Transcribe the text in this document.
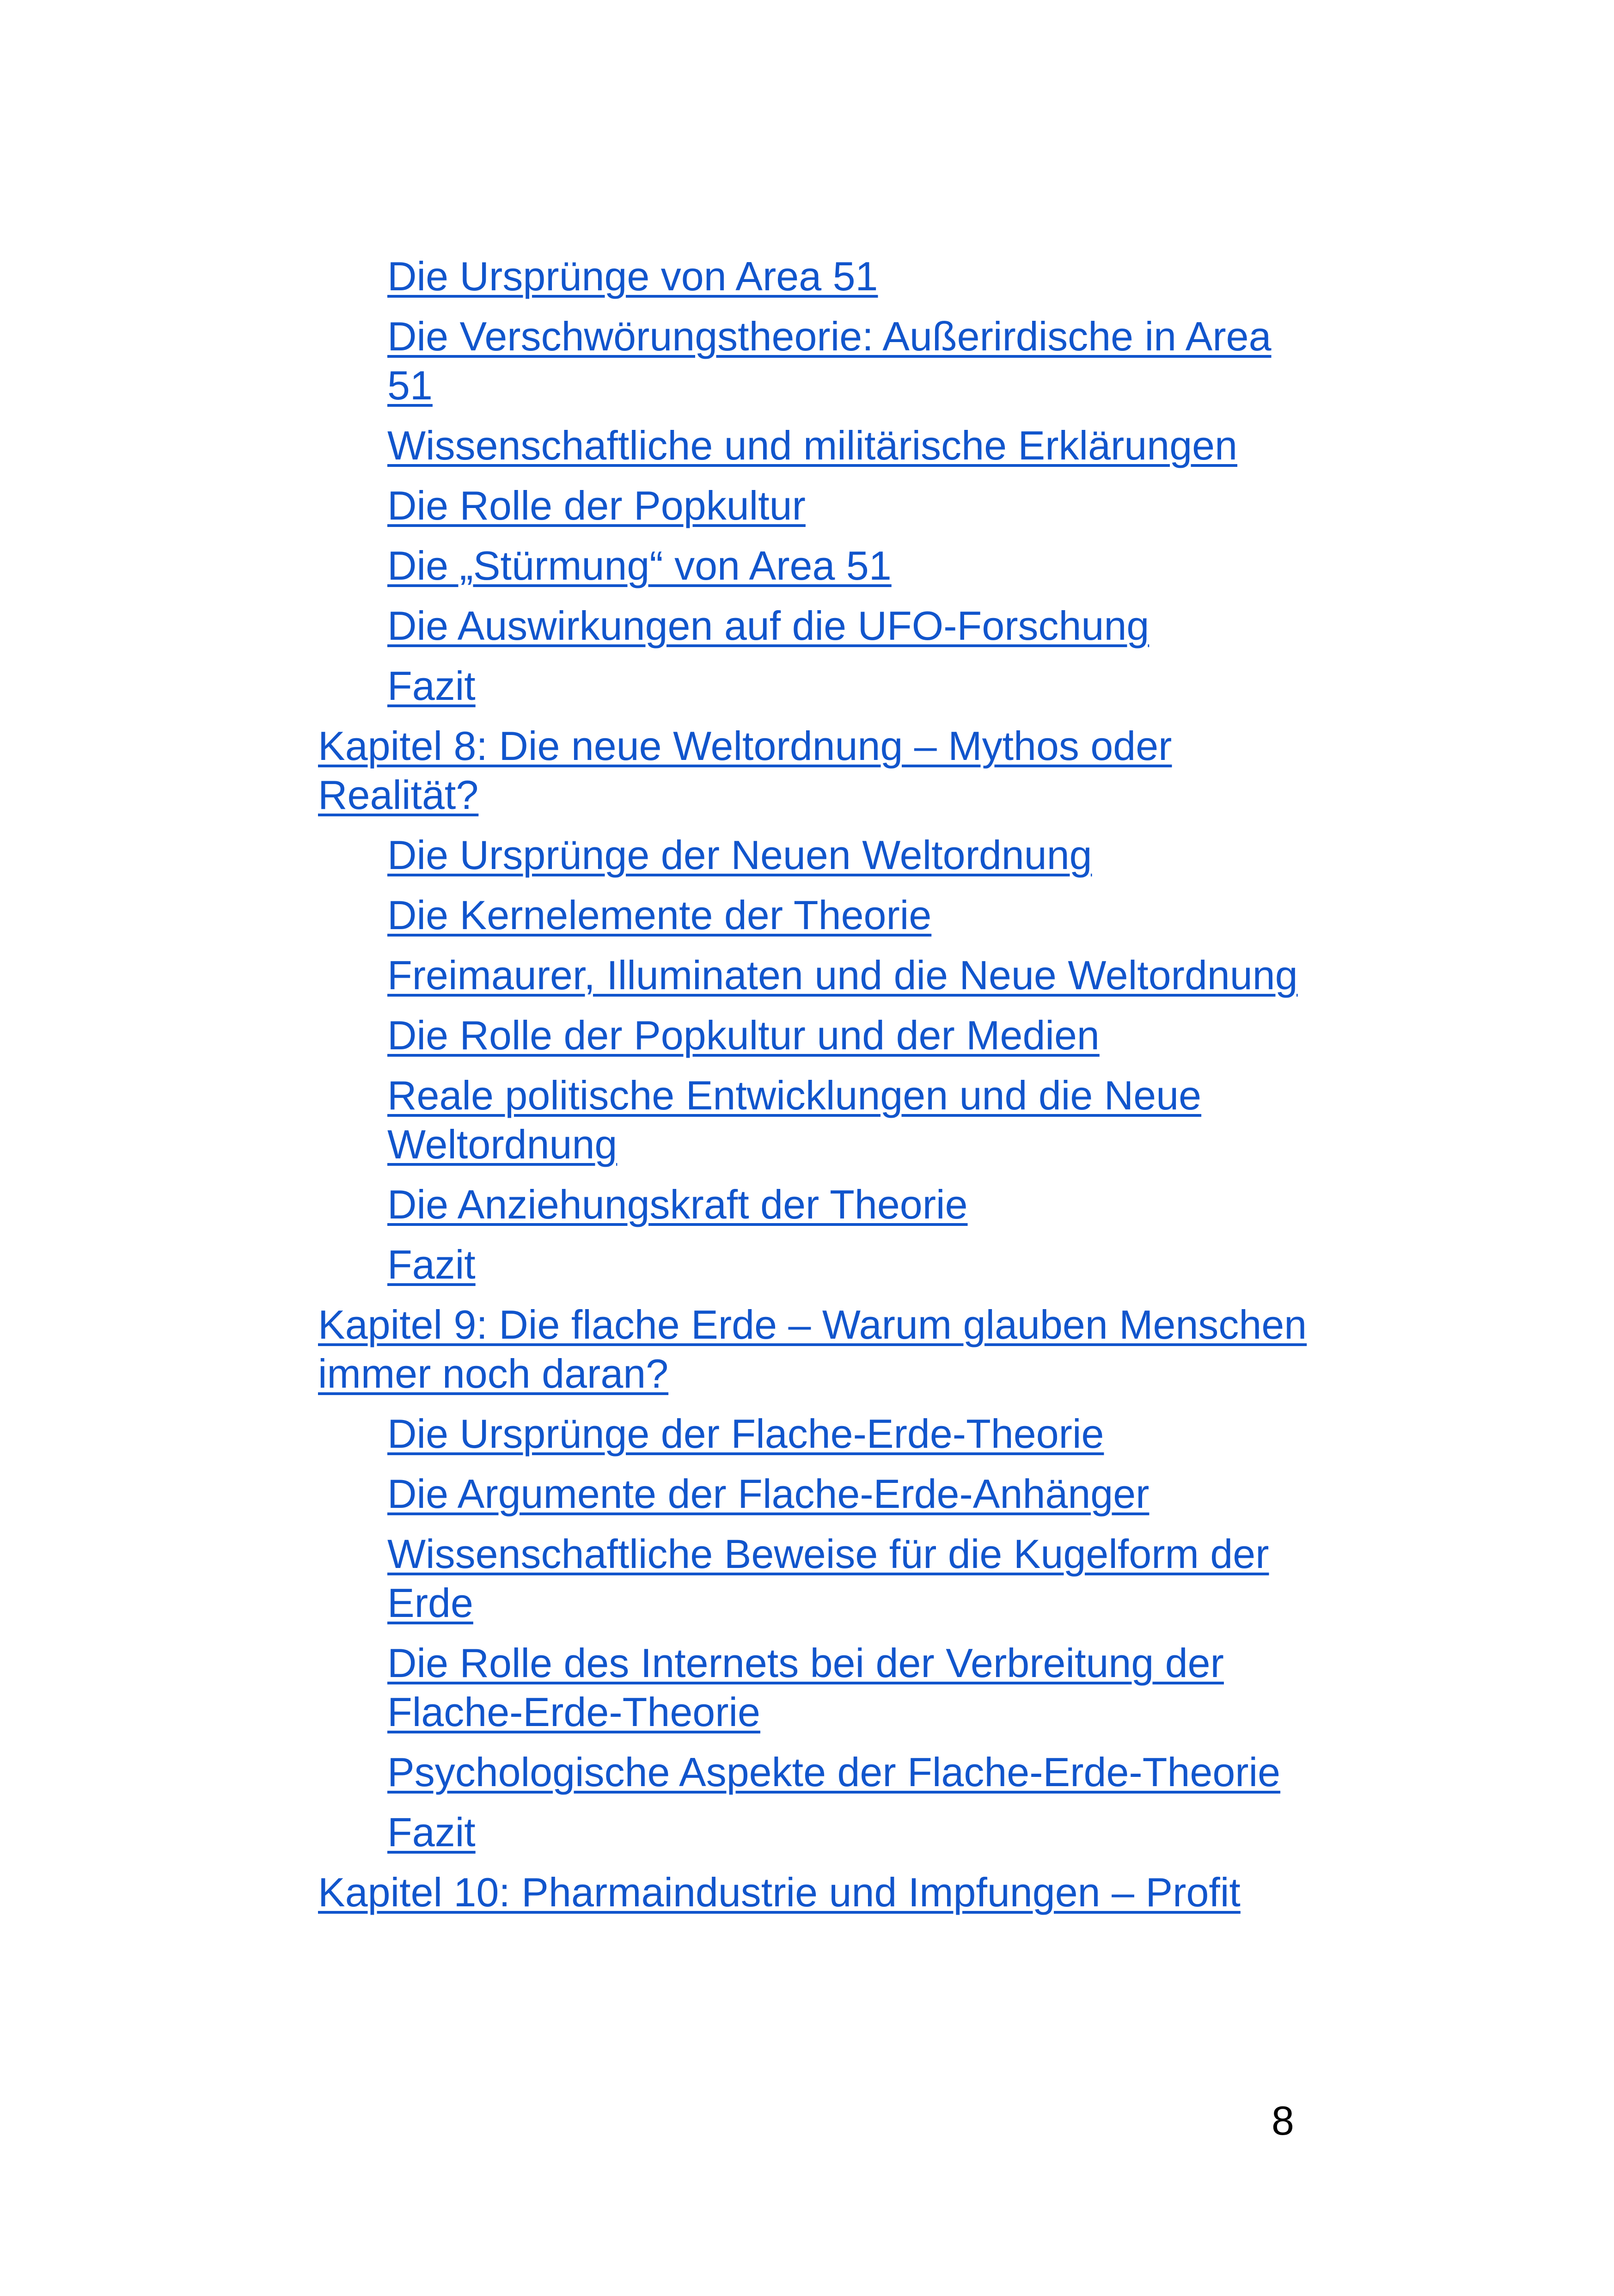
Die Ursprünge von Area 51
Die Verschwörungstheorie: Außerirdische in Area 51
Wissenschaftliche und militärische Erklärungen
Die Rolle der Popkultur
Die „Stürmung“ von Area 51
Die Auswirkungen auf die UFO-Forschung
Fazit
Kapitel 8: Die neue Weltordnung – Mythos oder Realität?
Die Ursprünge der Neuen Weltordnung
Die Kernelemente der Theorie
Freimaurer, Illuminaten und die Neue Weltordnung
Die Rolle der Popkultur und der Medien
Reale politische Entwicklungen und die Neue Weltordnung
Die Anziehungskraft der Theorie
Fazit
Kapitel 9: Die flache Erde – Warum glauben Menschen immer noch daran?
Die Ursprünge der Flache-Erde-Theorie
Die Argumente der Flache-Erde-Anhänger
Wissenschaftliche Beweise für die Kugelform der Erde
Die Rolle des Internets bei der Verbreitung der Flache-Erde-Theorie
Psychologische Aspekte der Flache-Erde-Theorie
Fazit
Kapitel 10: Pharmaindustrie und Impfungen – Profit
8
